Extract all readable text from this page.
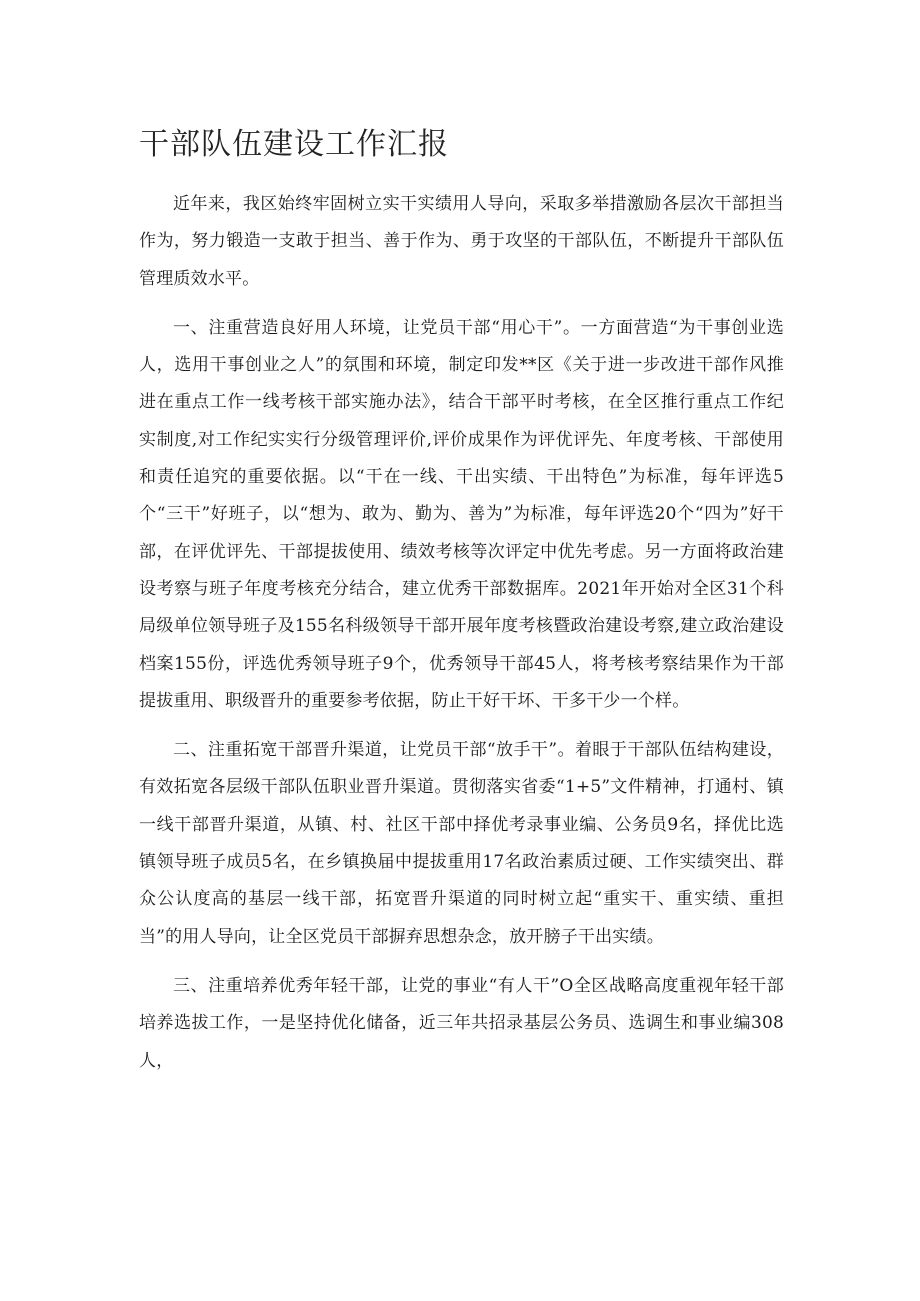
干部队伍建设工作汇报

近年来，我区始终牢固树立实干实绩用人导向，采取多举措激励各层次干部担当作为，努力锻造一支敢于担当、善于作为、勇于攻坚的干部队伍，不断提升干部队伍管理质效水平。

一、注重营造良好用人环境，让党员干部“用心干”。一方面营造“为干事创业选人，选用干事创业之人”的氛围和环境，制定印发**区《关于进一步改进干部作风推进在重点工作一线考核干部实施办法》，结合干部平时考核，在全区推行重点工作纪实制度,对工作纪实实行分级管理评价,评价成果作为评优评先、年度考核、干部使用和责任追究的重要依据。以“干在一线、干出实绩、干出特色”为标准，每年评选5个“三干”好班子，以“想为、敢为、勤为、善为”为标准，每年评选20个“四为”好干部，在评优评先、干部提拔使用、绩效考核等次评定中优先考虑。另一方面将政治建设考察与班子年度考核充分结合，建立优秀干部数据库。2021年开始对全区31个科局级单位领导班子及155名科级领导干部开展年度考核暨政治建设考察,建立政治建设档案155份，评选优秀领导班子9个，优秀领导干部45人，将考核考察结果作为干部提拔重用、职级晋升的重要参考依据，防止干好干坏、干多干少一个样。

二、注重拓宽干部晋升渠道，让党员干部“放手干”。着眼于干部队伍结构建设，有效拓宽各层级干部队伍职业晋升渠道。贯彻落实省委“1+5”文件精神，打通村、镇一线干部晋升渠道，从镇、村、社区干部中择优考录事业编、公务员9名，择优比选镇领导班子成员5名，在乡镇换届中提拔重用17名政治素质过硬、工作实绩突出、群众公认度高的基层一线干部，拓宽晋升渠道的同时树立起“重实干、重实绩、重担当”的用人导向，让全区党员干部摒弃思想杂念，放开膀子干出实绩。

三、注重培养优秀年轻干部，让党的事业“有人干”O全区战略高度重视年轻干部培养选拔工作，一是坚持优化储备，近三年共招录基层公务员、选调生和事业编308人，
